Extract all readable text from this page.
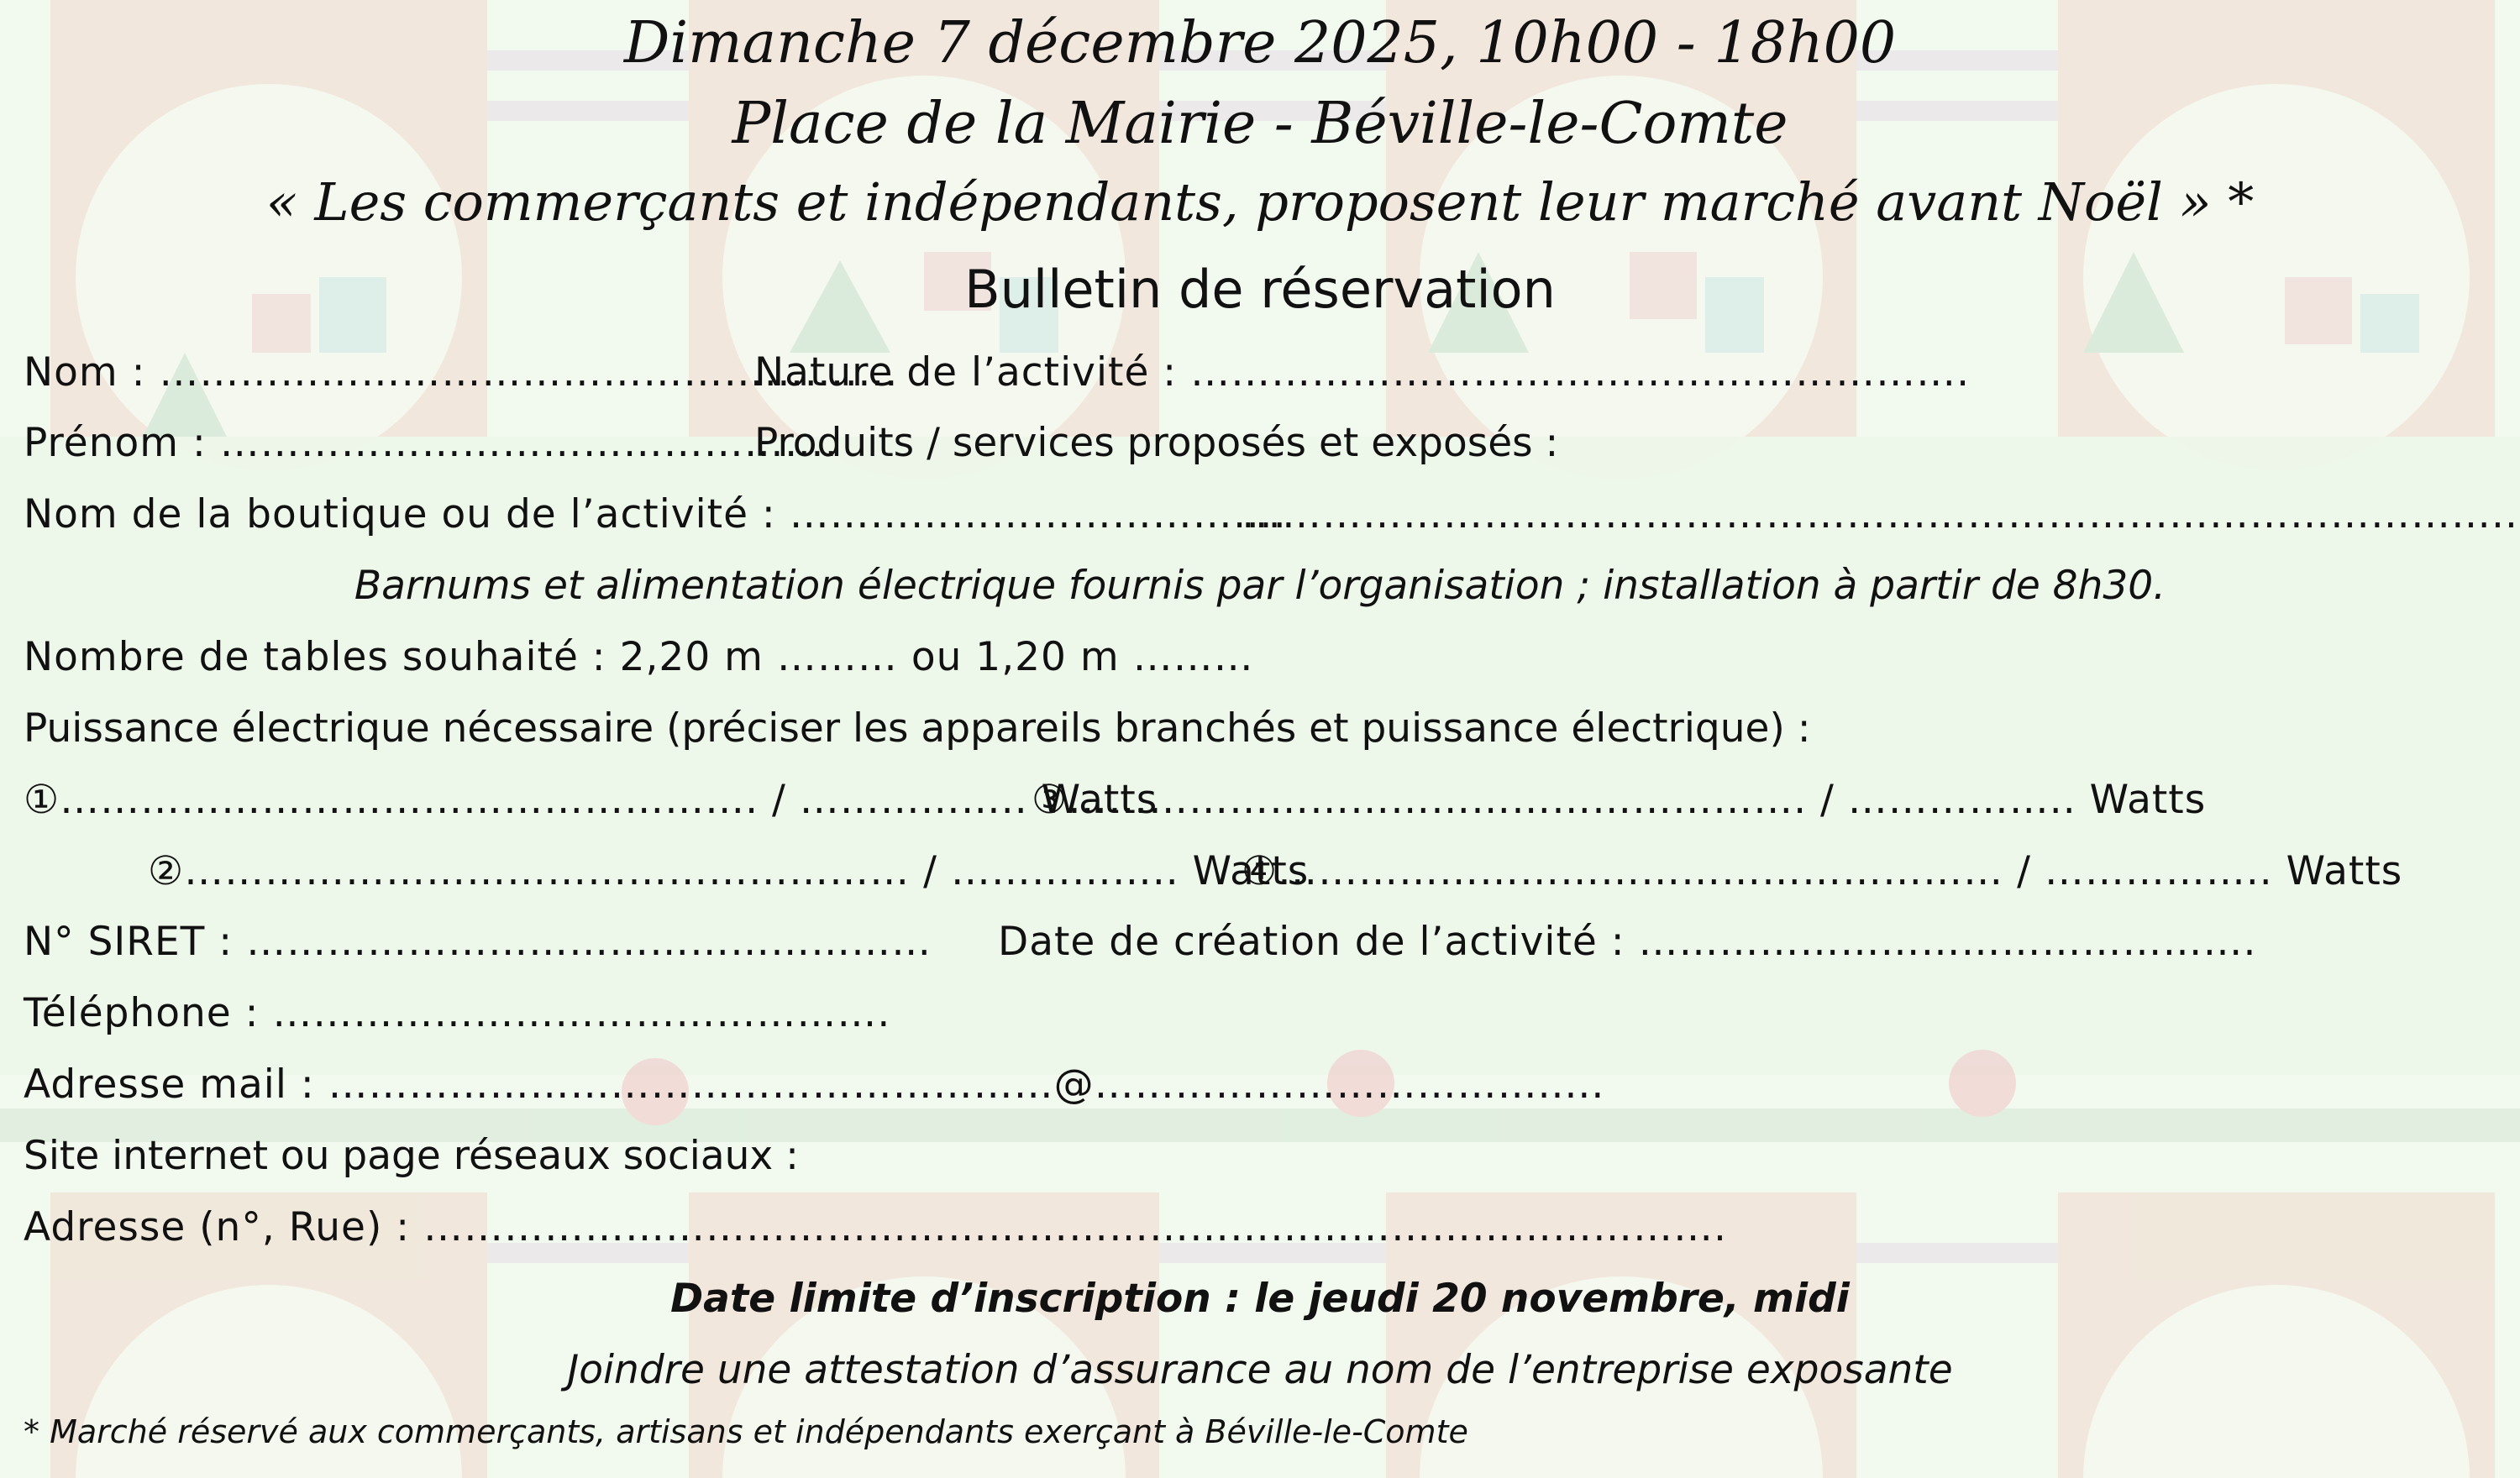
Dimanche 7 décembre 2025, 10h00 - 18h00
Place de la Mairie - Béville-le-Comte
« Les commerçants et indépendants, proposent leur marché avant Noël » *
Bulletin de réservation
Nom : ……………………………………………….
Nature de l’activité : ………………………………………………….
Prénom : ……………………………………….
Produits / services proposés et exposés :
Nom de la boutique ou de l’activité : ……………………………….
…………………………………………………………………………………..
Barnums et alimentation électrique fournis par l’organisation ; installation à partir de 8h30.
Nombre de tables souhaité : 2,20 m ……… ou 1,20 m ………
Puissance électrique nécessaire (préciser les appareils branchés et puissance électrique) :
①……………………………………………. / …………….. Watts
③………………………………………………. / …………….. Watts
②……………………………………………… / …………….. Watts
④……………………………………………… / …………….. Watts
N° SIRET : …………………………………………… Date de création de l’activité : ……………………………………….
Téléphone : ……………………………………….
Adresse mail : ………………………………………………@…………………………….....
Site internet ou page réseaux sociaux :
Adresse (n°, Rue) : …………………………………………………………………………………….
Date limite d’inscription : le jeudi 20 novembre, midi
Joindre une attestation d’assurance au nom de l’entreprise exposante
* Marché réservé aux commerçants, artisans et indépendants exerçant à Béville-le-Comte
